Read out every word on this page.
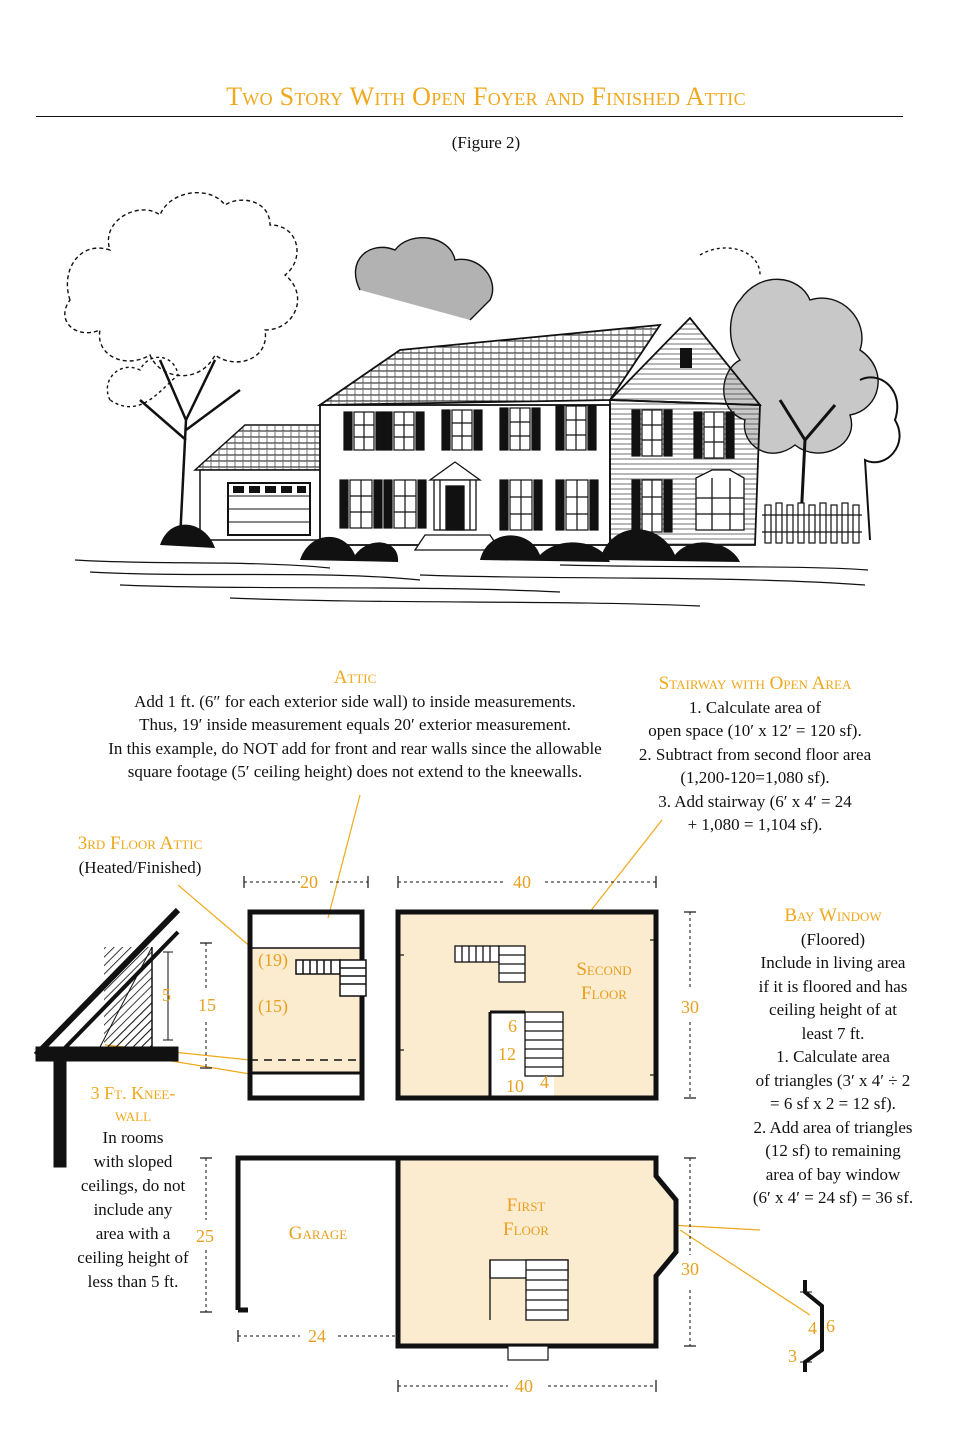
Two Story With Open Foyer and Finished Attic
(Figure 2)
Attic
Add 1 ft. (6″ for each exterior side wall) to inside measurements.
Thus, 19′ inside measurement equals 20′ exterior measurement.
In this example, do NOT add for front and rear walls since the allowable
square footage (5′ ceiling height) does not extend to the kneewalls.
Stairway with Open Area
1. Calculate area of
open space (10′ x 12′ = 120 sf).
2. Subtract from second floor area
(1,200-120=1,080 sf).
3. Add stairway (6′ x 4′ = 24
+ 1,080 = 1,104 sf).
3rd Floor Attic
(Heated/Finished)
Bay Window
(Floored)
Include in living area
if it is floored and has
ceiling height of at
least 7 ft.
1. Calculate area
of triangles (3′ x 4′ ÷ 2
= 6 sf x 2 = 12 sf).
2. Add area of triangles
(12 sf) to remaining
area of bay window
(6′ x 4′ = 24 sf) = 36 sf.
3 Ft. Knee-
wall
In rooms
with sloped
ceilings, do not
include any
area with a
ceiling height of
less than 5 ft.
Second
Floor
First
Floor
Garage
20
(19)
15 (15)
5
40
30
6
12
10 4
25
24
30
40
4 6
3
